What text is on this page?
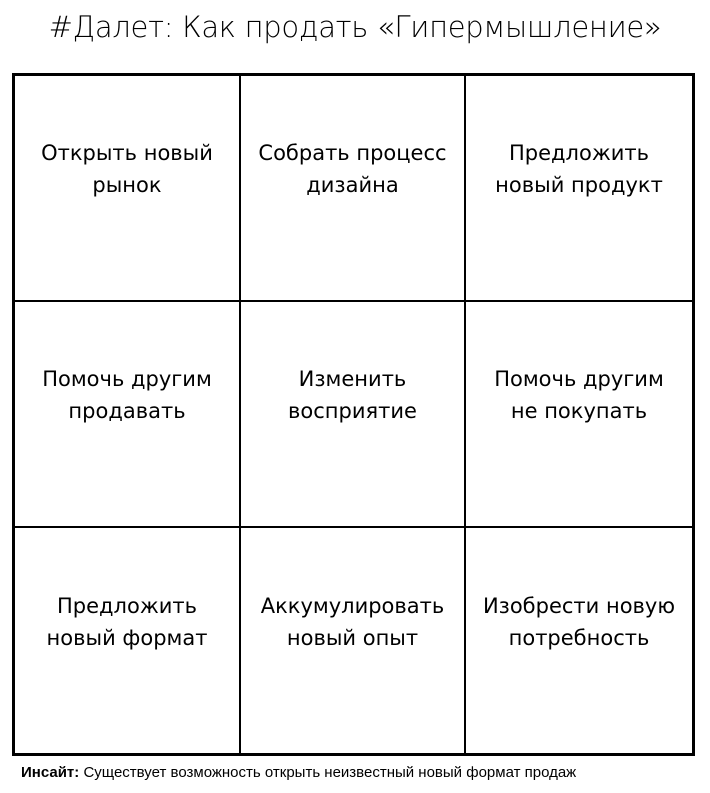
#Далет: Как продать «Гипермышление»
Открыть новый
рынок
Собрать процесс
дизайна
Предложить
новый продукт
Помочь другим
продавать
Изменить
восприятие
Помочь другим
не покупать
Предложить
новый формат
Аккумулировать
новый опыт
Изобрести новую
потребность
Инсайт: Существует возможность открыть неизвестный новый формат продаж
